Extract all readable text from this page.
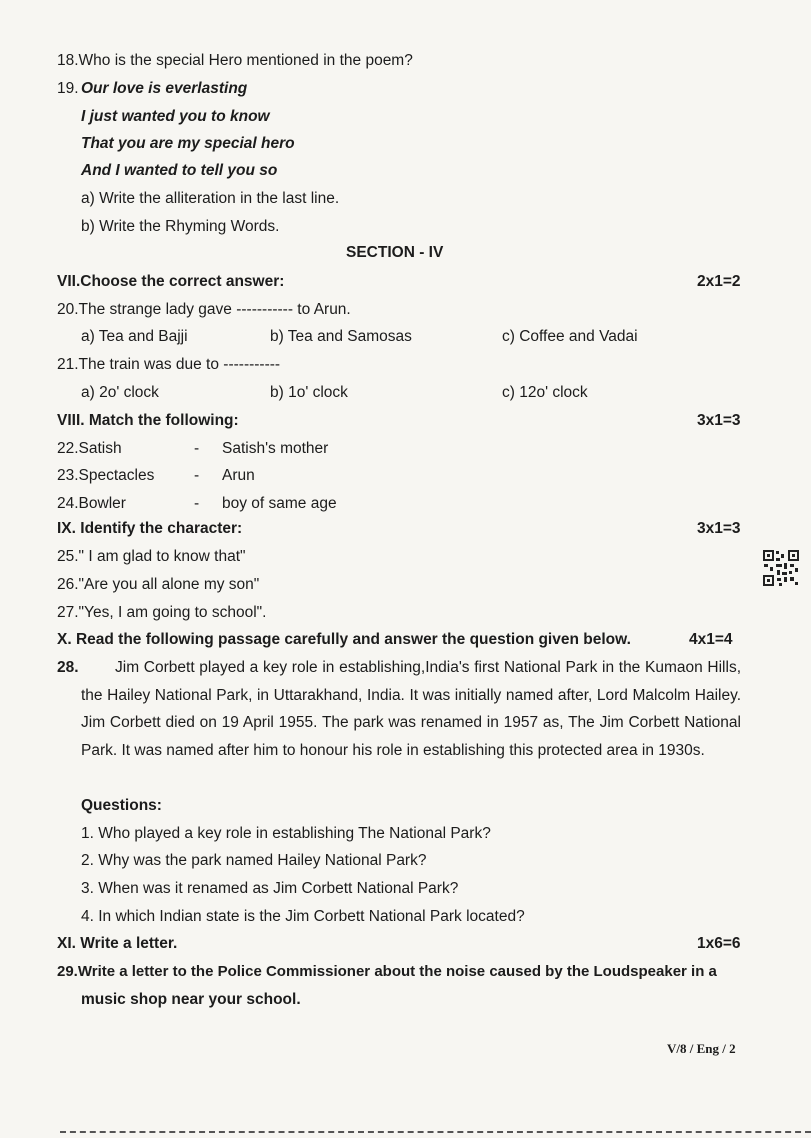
18.Who is the special Hero mentioned in the poem?
19. Our love is everlasting
I just wanted you to know
That you are my special hero
And I wanted to tell you so
a) Write the alliteration in the last line.
b) Write the Rhyming Words.
SECTION - IV
VII.Choose the correct answer:	2x1=2
20.The strange lady gave ----------- to Arun.
a) Tea and Bajji	b) Tea and Samosas	c) Coffee and Vadai
21.The train was due to -----------
a) 2o' clock	b) 1o' clock	c) 12o' clock
VIII. Match the following:	3x1=3
22.Satish	- Satish's mother
23.Spectacles	- Arun
24.Bowler	- boy of same age
IX. Identify the character:	3x1=3
25." I am glad to know that"
26."Are you all alone my son"
27."Yes, I am going to school".
X. Read the following passage carefully and answer the question given below.	4x1=4
28.	Jim Corbett played a key role in establishing,India's first National Park in the Kumaon Hills, the Hailey National Park, in Uttarakhand, India. It was initially named after, Lord Malcolm Hailey. Jim Corbett died on 19 April 1955. The park was renamed in 1957 as, The Jim Corbett National Park. It was named after him to honour his role in establishing this protected area in 1930s.
Questions:
1. Who played a key role in establishing The National Park?
2. Why was the park named Hailey National Park?
3. When was it renamed as Jim Corbett National Park?
4. In which Indian state is the Jim Corbett National Park located?
XI. Write a letter.	1x6=6
29.Write a letter to the Police Commissioner about the noise caused by the Loudspeaker in a
music shop near your school.
V/8 / Eng / 2
